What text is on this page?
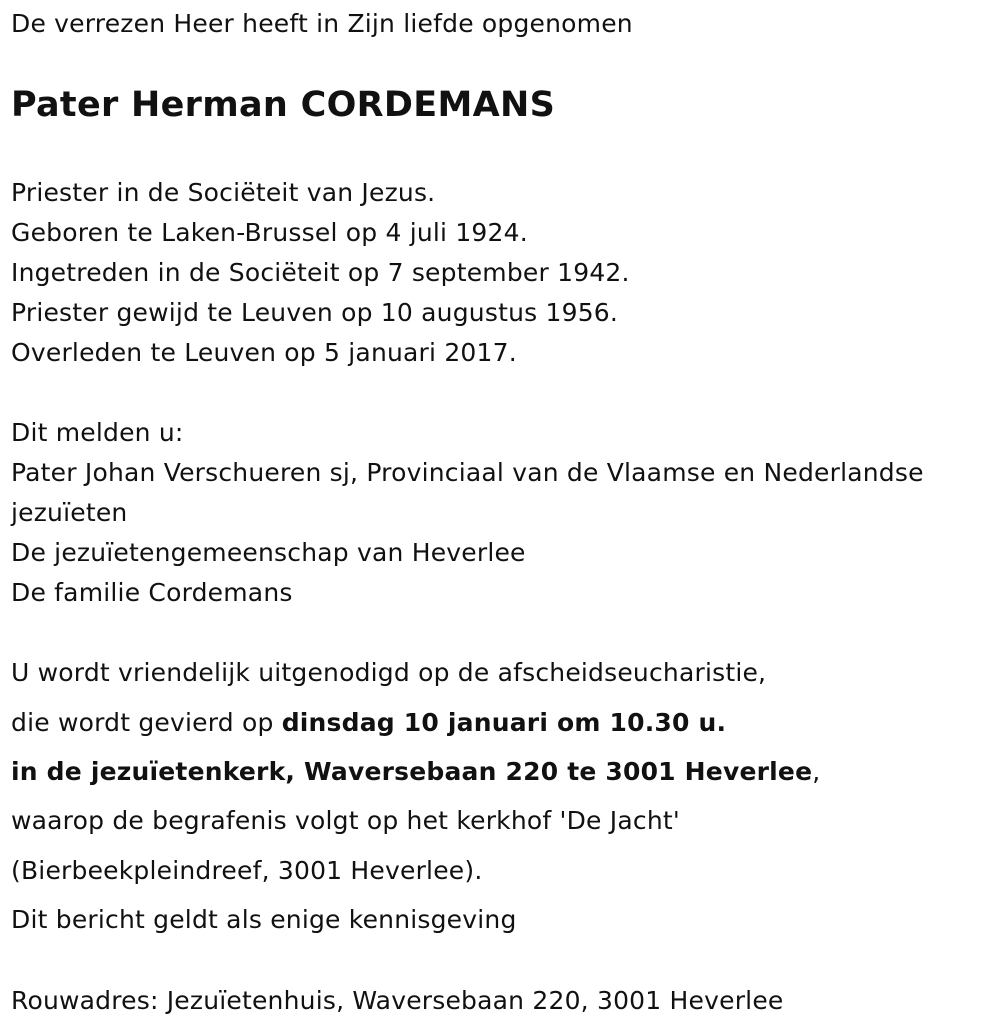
De verrezen Heer heeft in Zijn liefde opgenomen
Pater Herman CORDEMANS
Priester in de Sociëteit van Jezus.
Geboren te Laken-Brussel op 4 juli 1924.
Ingetreden in de Sociëteit op 7 september 1942.
Priester gewijd te Leuven op 10 augustus 1956.
Overleden te Leuven op 5 januari 2017.
Dit melden u:
Pater Johan Verschueren sj, Provinciaal van de Vlaamse en Nederlandse
jezuïeten
De jezuïetengemeenschap van Heverlee
De familie Cordemans
U wordt vriendelijk uitgenodigd op de afscheidseucharistie,
die wordt gevierd op dinsdag 10 januari om 10.30 u.
in de jezuïetenkerk, Waversebaan 220 te 3001 Heverlee,
waarop de begrafenis volgt op het kerkhof 'De Jacht'
(Bierbeekpleindreef, 3001 Heverlee).
Dit bericht geldt als enige kennisgeving
Rouwadres: Jezuïetenhuis, Waversebaan 220, 3001 Heverlee
